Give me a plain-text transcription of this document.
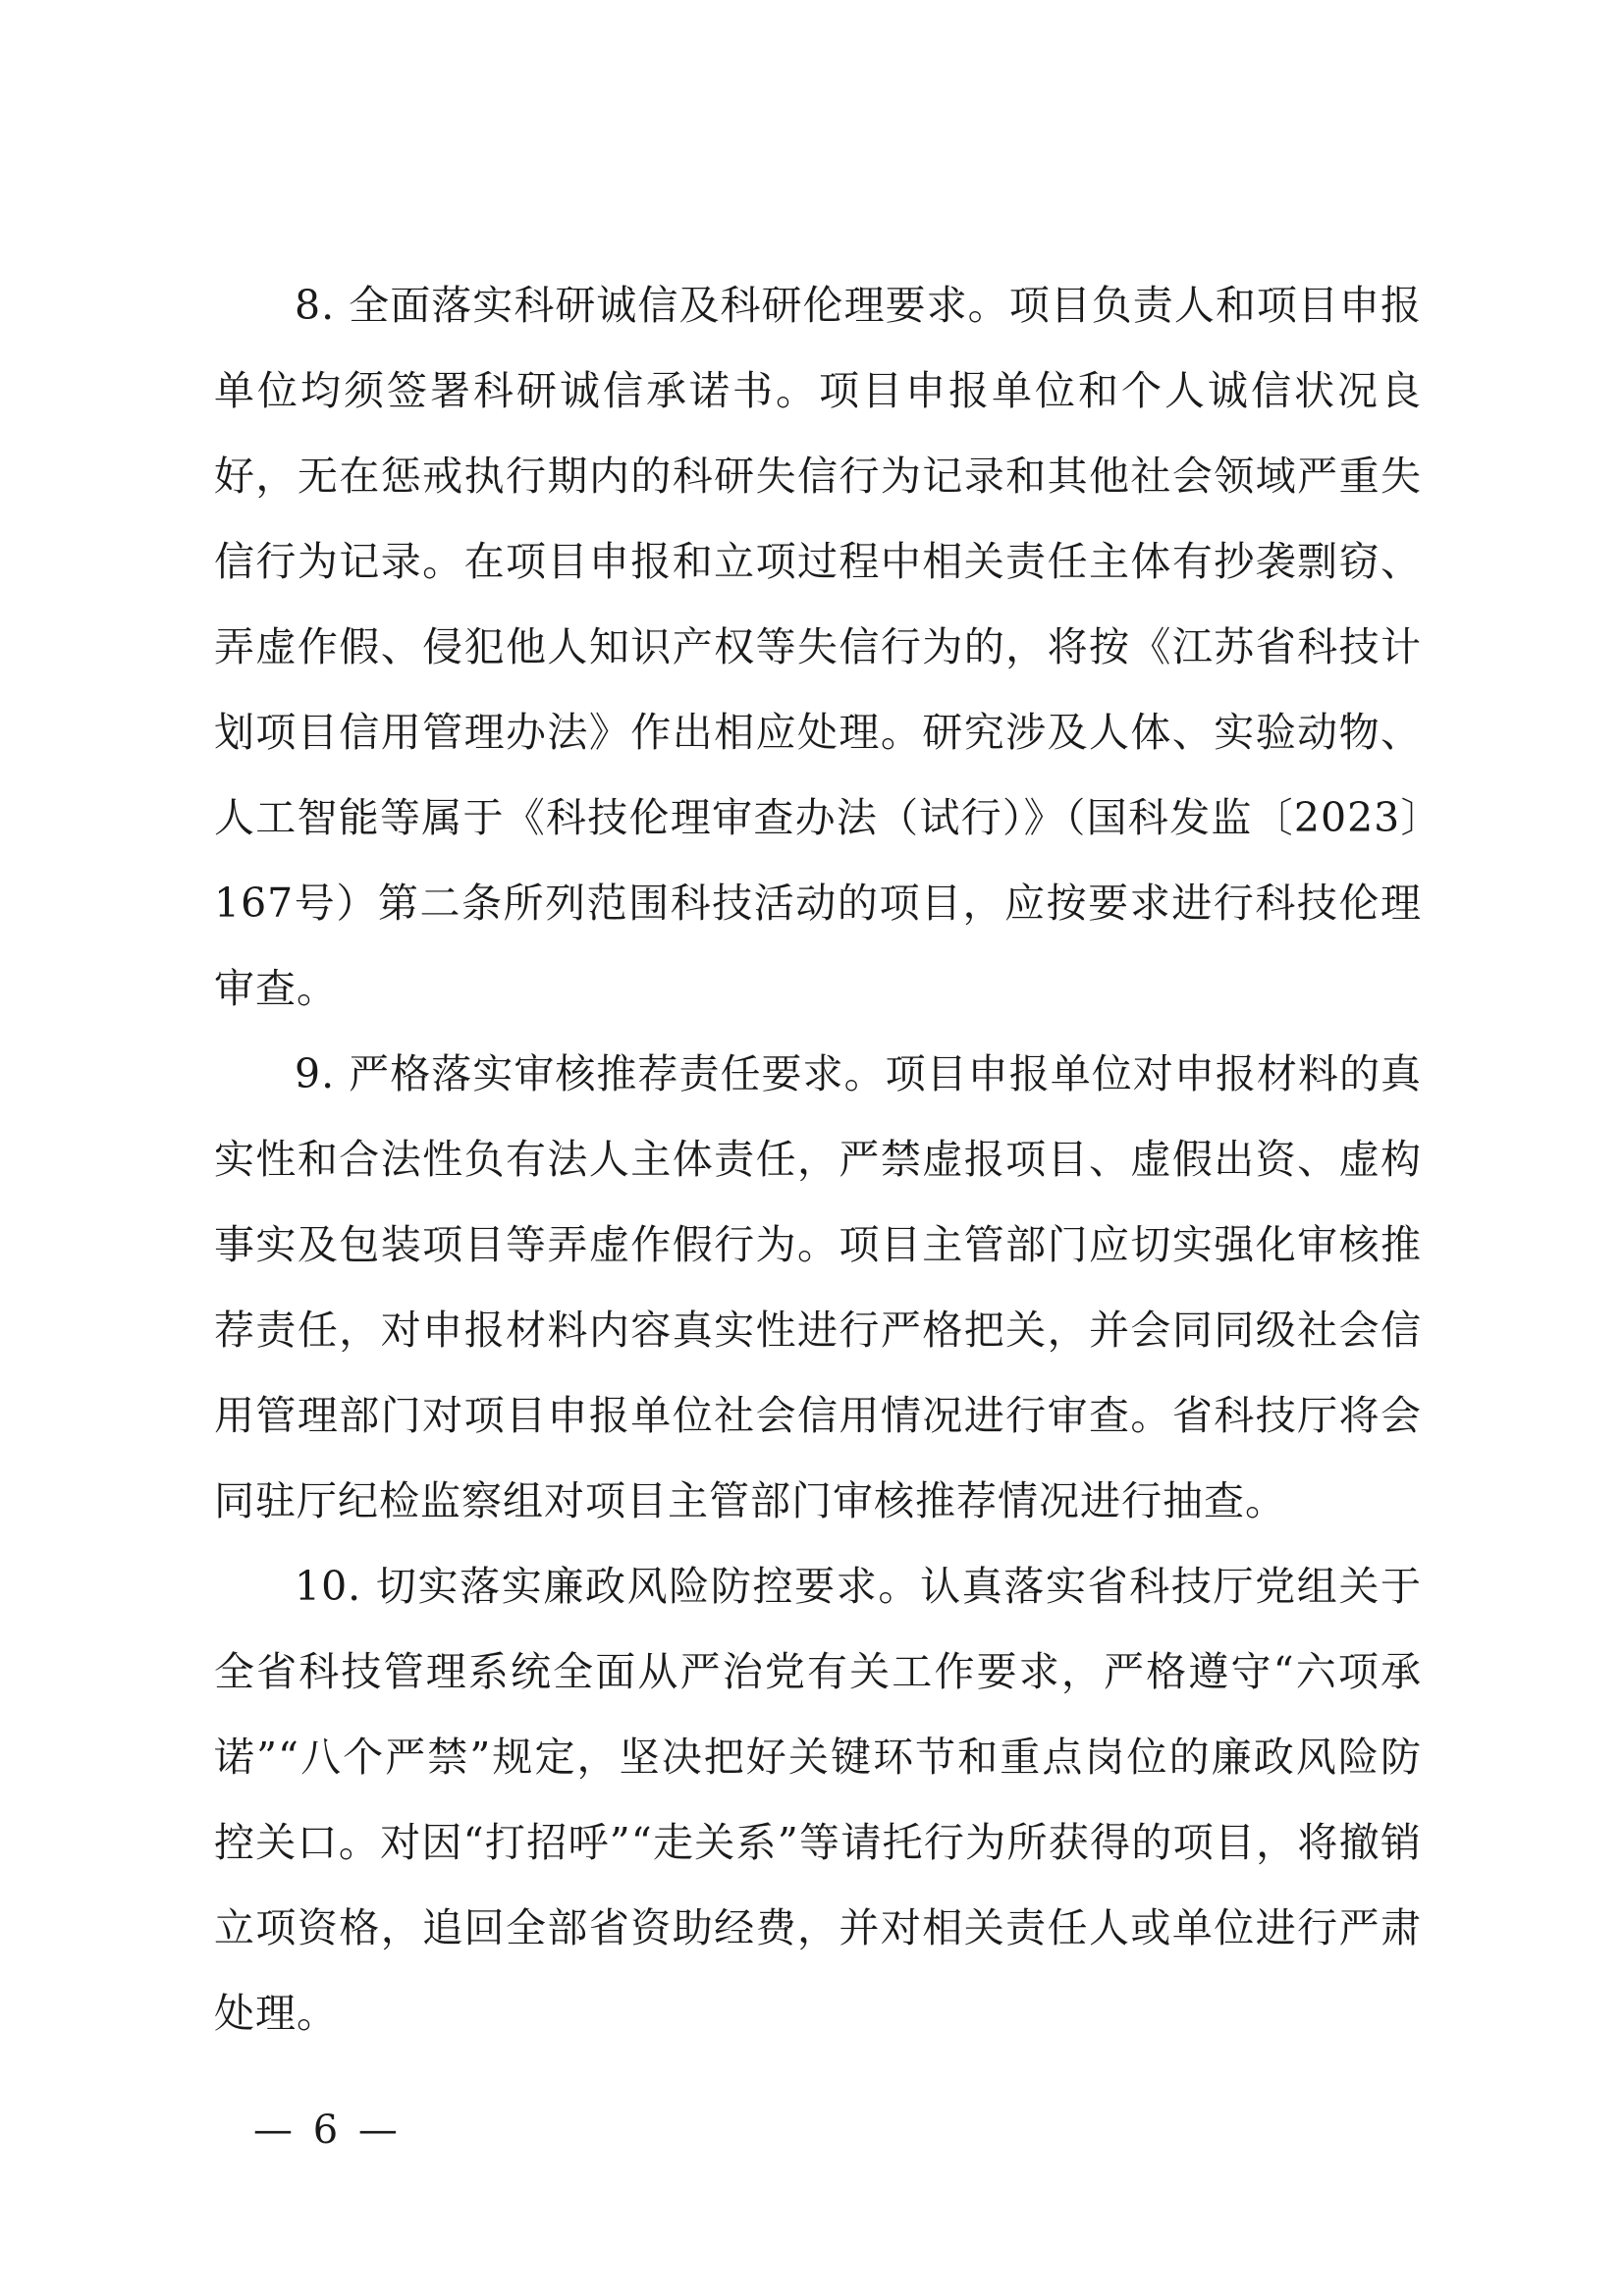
8. 全面落实科研诚信及科研伦理要求。项目负责人和项目申报单位均须签署科研诚信承诺书。项目申报单位和个人诚信状况良好，无在惩戒执行期内的科研失信行为记录和其他社会领域严重失信行为记录。在项目申报和立项过程中相关责任主体有抄袭剽窃、弄虚作假、侵犯他人知识产权等失信行为的，将按《江苏省科技计划项目信用管理办法》作出相应处理。研究涉及人体、实验动物、人工智能等属于《科技伦理审查办法（试行）》（国科发监〔2023〕167号）第二条所列范围科技活动的项目，应按要求进行科技伦理审查。

9. 严格落实审核推荐责任要求。项目申报单位对申报材料的真实性和合法性负有法人主体责任，严禁虚报项目、虚假出资、虚构事实及包装项目等弄虚作假行为。项目主管部门应切实强化审核推荐责任，对申报材料内容真实性进行严格把关，并会同同级社会信用管理部门对项目申报单位社会信用情况进行审查。省科技厅将会同驻厅纪检监察组对项目主管部门审核推荐情况进行抽查。

10. 切实落实廉政风险防控要求。认真落实省科技厅党组关于全省科技管理系统全面从严治党有关工作要求，严格遵守“六项承诺”“八个严禁”规定，坚决把好关键环节和重点岗位的廉政风险防控关口。对因“打招呼”“走关系”等请托行为所获得的项目，将撤销立项资格，追回全部省资助经费，并对相关责任人或单位进行严肃处理。

— 6 —
